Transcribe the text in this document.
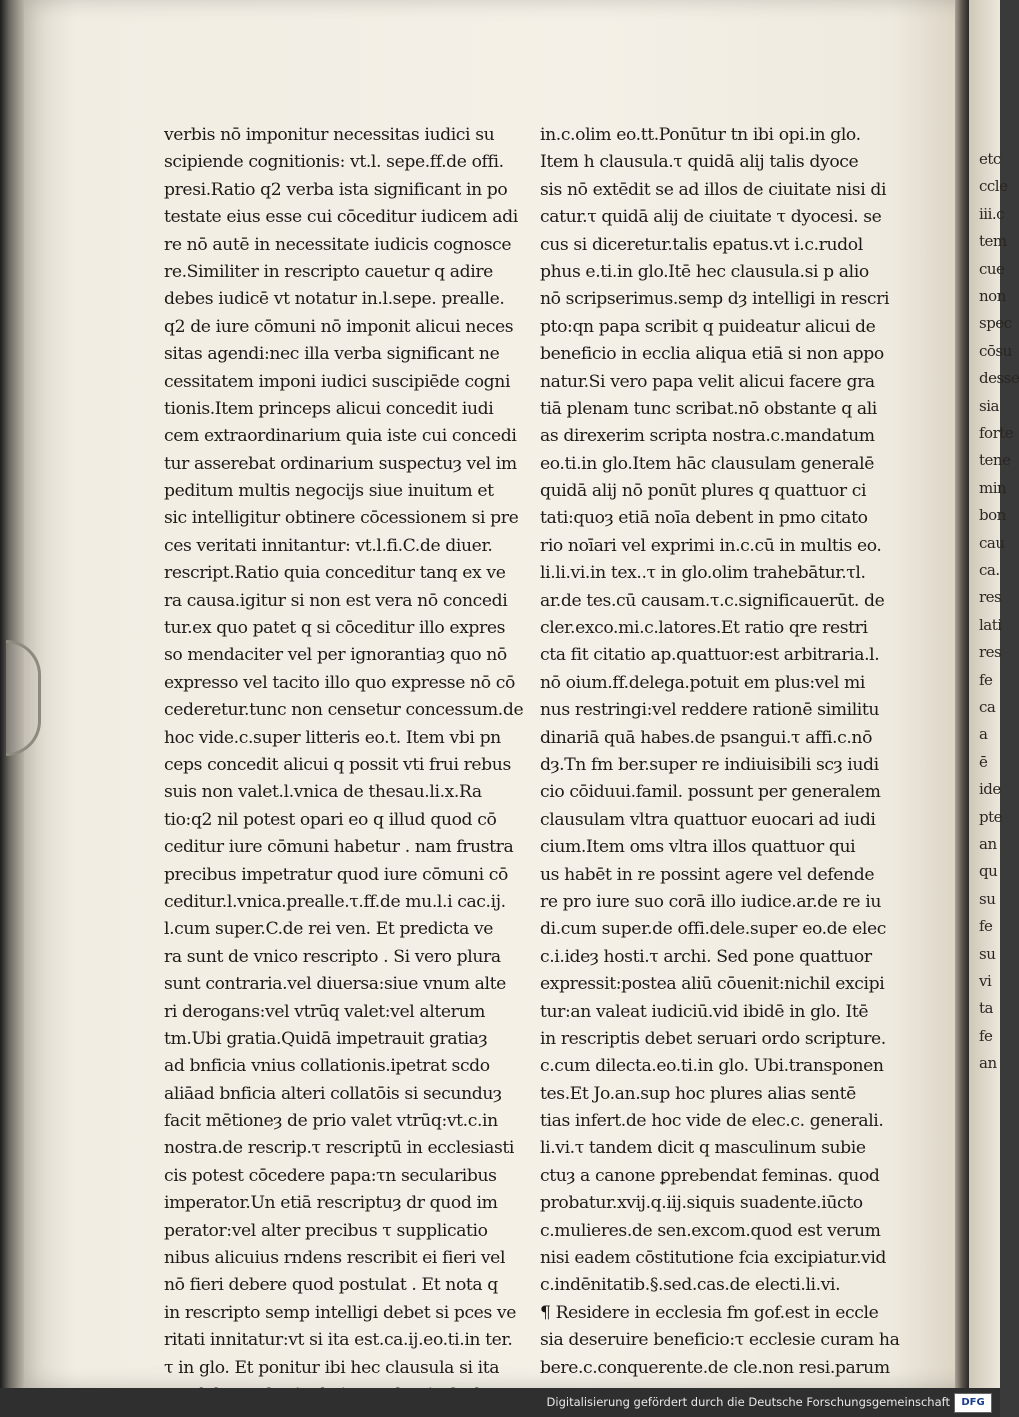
verbis nō imponitur necessitas iudici su
scipiende cognitionis: vt.l. sepe.ff.de offi.
presi.Ratio q2 verba ista significant in po
testate eius esse cui cōceditur iudicem adi
re nō autē in necessitate iudicis cognosce
re.Similiter in rescripto cauetur q adire
debes iudicē vt notatur in.l.sepe. prealle.
q2 de iure cōmuni nō imponit alicui neces
sitas agendi:nec illa verba significant ne
cessitatem imponi iudici suscipiēde cogni
tionis.Item princeps alicui concedit iudi
cem extraordinarium quia iste cui concedi
tur asserebat ordinarium suspectuȝ vel im
peditum multis negocijs siue inuitum et
sic intelligitur obtinere cōcessionem si pre
ces veritati innitantur: vt.l.fi.C.de diuer.
rescript.Ratio quia conceditur tanq ex ve
ra causa.igitur si non est vera nō concedi
tur.ex quo patet q si cōceditur illo expres
so mendaciter vel per ignorantiaȝ quo nō
expresso vel tacito illo quo expresse nō cō
cederetur.tunc non censetur concessum.de
hoc vide.c.super litteris eo.t. Item vbi pn
ceps concedit alicui q possit vti frui rebus
suis non valet.l.vnica de thesau.li.x.Ra
tio:q2 nil potest opari eo q illud quod cō
ceditur iure cōmuni habetur . nam frustra
precibus impetratur quod iure cōmuni cō
ceditur.l.vnica.prealle.τ.ff.de mu.l.i cac.ij.
l.cum super.C.de rei ven. Et predicta ve
ra sunt de vnico rescripto . Si vero plura
sunt contraria.vel diuersa:siue vnum alte
ri derogans:vel vtrūq valet:vel alterum
tm.Ubi gratia.Quidā impetrauit gratiaȝ
ad bnficia vnius collationis.ipetrat scdo
aliāad bnficia alteri collatōis si secunduȝ
facit mētioneȝ de prio valet vtrūq:vt.c.in
nostra.de rescrip.τ rescriptū in ecclesiasti
cis potest cōcedere papa:τn secularibus
imperator.Un etiā rescriptuȝ dr quod im
perator:vel alter precibus τ supplicatio
nibus alicuius rndens rescribit ei fieri vel
nō fieri debere quod postulat . Et nota q
in rescripto semp intelligi debet si pces ve
ritati innitatur:vt si ita est.ca.ij.eo.ti.in ter.
τ in glo. Et ponitur ibi hec clausula si ita
in.c.olim eo.tt.Ponūtur tn ibi opi.in glo.
Item h clausula.τ quidā alij talis dyoce
sis nō extēdit se ad illos de ciuitate nisi di
catur.τ quidā alij de ciuitate τ dyocesi. se
cus si diceretur.talis epatus.vt i.c.rudol
phus e.ti.in glo.Itē hec clausula.si p alio
nō scripserimus.semp dȝ intelligi in rescri
pto:qn papa scribit q puideatur alicui de
beneficio in ecclia aliqua etiā si non appo
natur.Si vero papa velit alicui facere gra
tiā plenam tunc scribat.nō obstante q ali
as direxerim scripta nostra.c.mandatum
eo.ti.in glo.Item hāc clausulam generalē
quidā alij nō ponūt plures q quattuor ci
tati:quoȝ etiā noīa debent in pmo citato
rio noīari vel exprimi in.c.cū in multis eo.
li.li.vi.in tex..τ in glo.olim trahebātur.τl.
ar.de tes.cū causam.τ.c.significauerūt. de
cler.exco.mi.c.latores.Et ratio qre restri
cta fit citatio ap.quattuor:est arbitraria.l.
nō oium.ff.delega.potuit em plus:vel mi
nus restringi:vel reddere rationē similitu
dinariā quā habes.de psangui.τ affi.c.nō
dȝ.Tn fm ber.super re indiuisibili scȝ iudi
cio cōiduui.famil. possunt per generalem
clausulam vltra quattuor euocari ad iudi
cium.Item oms vltra illos quattuor qui
us habēt in re possint agere vel defende
re pro iure suo corā illo iudice.ar.de re iu
di.cum super.de offi.dele.super eo.de elec
c.i.ideȝ hosti.τ archi. Sed pone quattuor
expressit:postea aliū cōuenit:nichil excipi
tur:an valeat iudiciū.vid ibidē in glo. Itē
in rescriptis debet seruari ordo scripture.
c.cum dilecta.eo.ti.in glo. Ubi.transponen
tes.Et Jo.an.sup hoc plures alias sentē
tias infert.de hoc vide de elec.c. generali.
li.vi.τ tandem dicit q masculinum subie
ctuȝ a canone ꝑprebendat feminas. quod
probatur.xvij.q.iij.siquis suadente.iūcto
c.mulieres.de sen.excom.quod est verum
nisi eadem cōstitutione fcia excipiatur.vid
c.indēnitatib.§.sed.cas.de electi.li.vi.
¶ Residere in ecclesia fm gof.est in eccle
sia deseruire beneficio:τ ecclesie curam ha
bere.c.conquerente.de cle.non resi.parum
etc
ccle
iii.c
tem
cue
non
spec
cōsu
desse
sia
forte
tene
min
bon
cau
ca.
res
lati
res
fe
ca
a
ē
ide
pte
an
qu
su
fe
su
vi
ta
fe
an
Digitalisierung gefördert durch die Deutsche Forschungsgemeinschaft	DFG
